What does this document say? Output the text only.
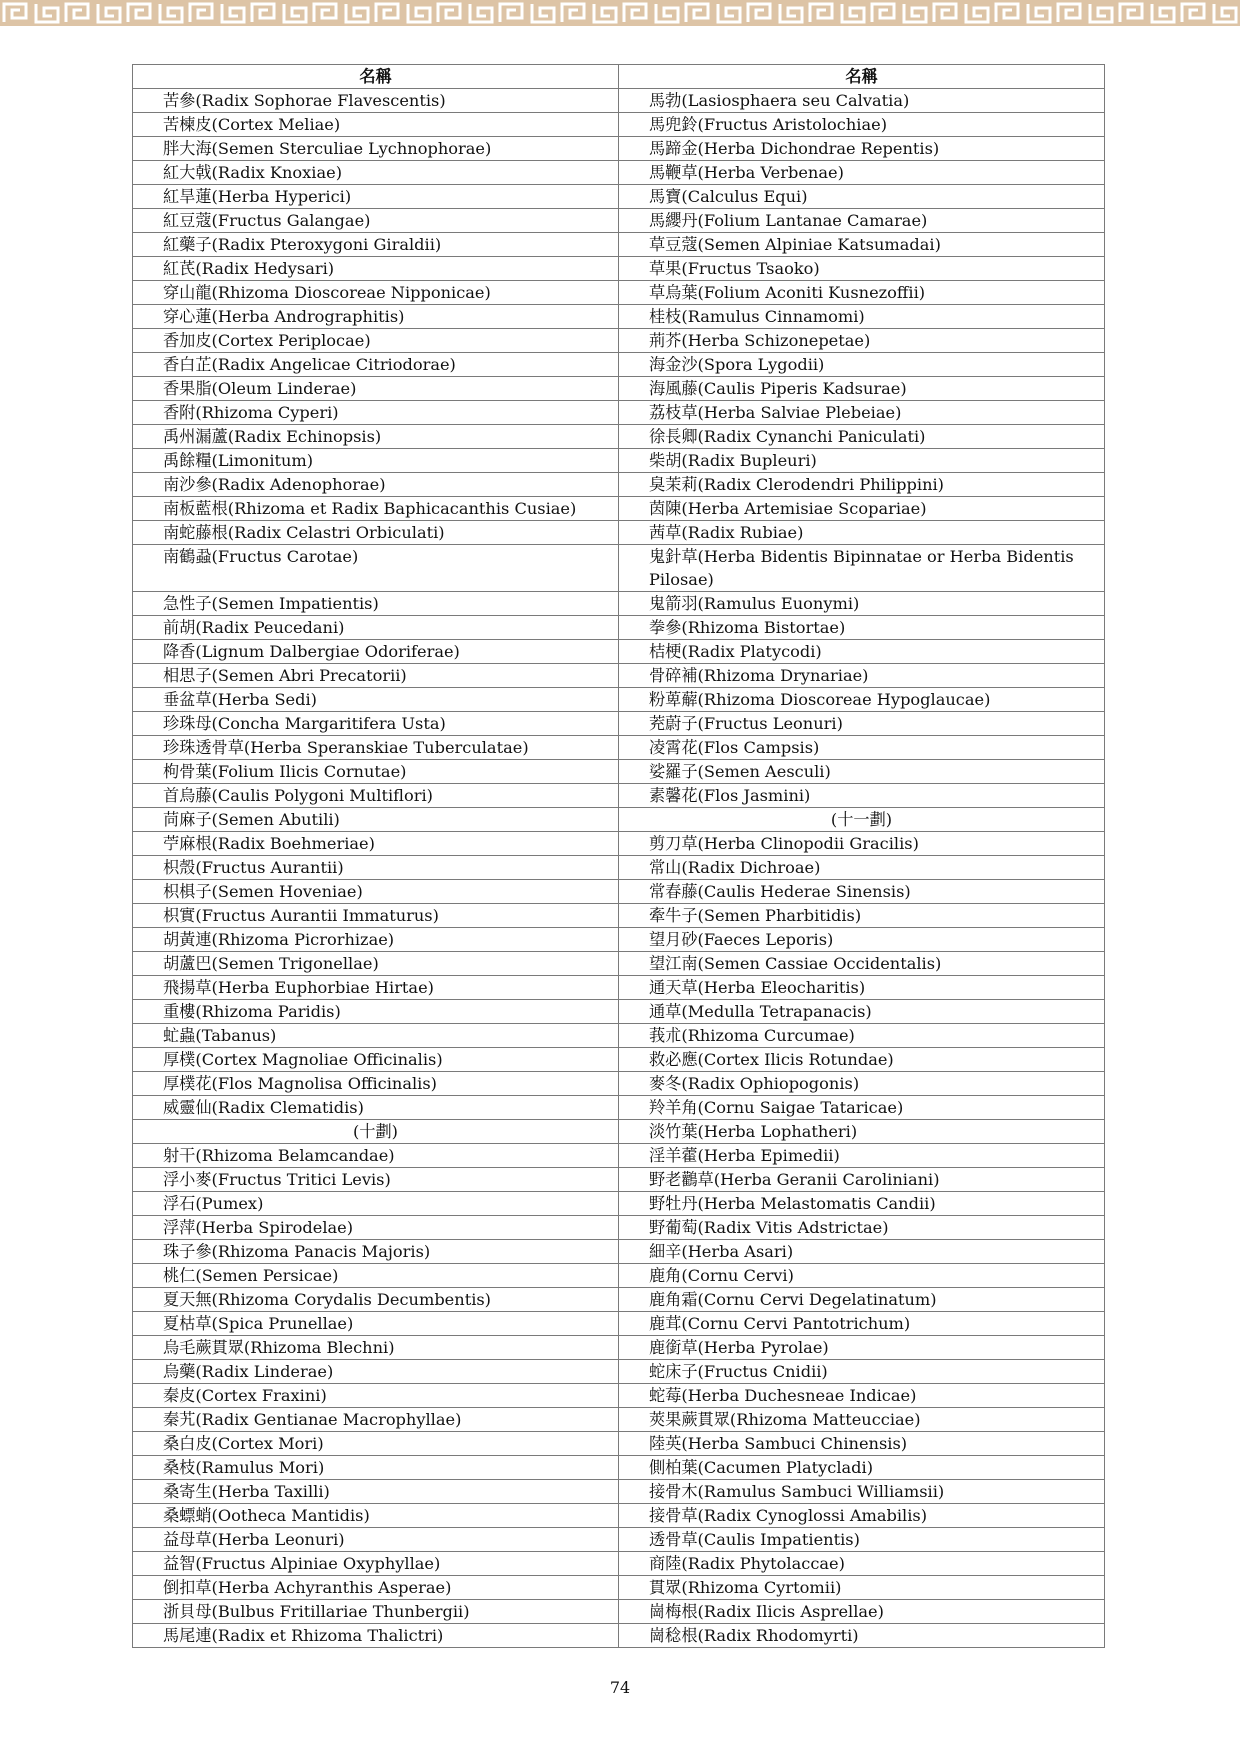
名稱	名稱
苦參(Radix Sophorae Flavescentis)	馬勃(Lasiosphaera seu Calvatia)
苦楝皮(Cortex Meliae)	馬兜鈴(Fructus Aristolochiae)
胖大海(Semen Sterculiae Lychnophorae)	馬蹄金(Herba Dichondrae Repentis)
紅大戟(Radix Knoxiae)	馬鞭草(Herba Verbenae)
紅旱蓮(Herba Hyperici)	馬寶(Calculus Equi)
紅豆蔻(Fructus Galangae)	馬纓丹(Folium Lantanae Camarae)
紅藥子(Radix Pteroxygoni Giraldii)	草豆蔻(Semen Alpiniae Katsumadai)
紅芪(Radix Hedysari)	草果(Fructus Tsaoko)
穿山龍(Rhizoma Dioscoreae Nipponicae)	草烏葉(Folium Aconiti Kusnezoffii)
穿心蓮(Herba Andrographitis)	桂枝(Ramulus Cinnamomi)
香加皮(Cortex Periplocae)	荊芥(Herba Schizonepetae)
香白芷(Radix Angelicae Citriodorae)	海金沙(Spora Lygodii)
香果脂(Oleum Linderae)	海風藤(Caulis Piperis Kadsurae)
香附(Rhizoma Cyperi)	荔枝草(Herba Salviae Plebeiae)
禹州漏蘆(Radix Echinopsis)	徐長卿(Radix Cynanchi Paniculati)
禹餘糧(Limonitum)	柴胡(Radix Bupleuri)
南沙參(Radix Adenophorae)	臭茉莉(Radix Clerodendri Philippini)
南板藍根(Rhizoma et Radix Baphicacanthis Cusiae)	茵陳(Herba Artemisiae Scopariae)
南蛇藤根(Radix Celastri Orbiculati)	茜草(Radix Rubiae)
南鶴蝨(Fructus Carotae)	鬼針草(Herba Bidentis Bipinnatae or Herba Bidentis Pilosae)
急性子(Semen Impatientis)	鬼箭羽(Ramulus Euonymi)
前胡(Radix Peucedani)	拳參(Rhizoma Bistortae)
降香(Lignum Dalbergiae Odoriferae)	桔梗(Radix Platycodi)
相思子(Semen Abri Precatorii)	骨碎補(Rhizoma Drynariae)
垂盆草(Herba Sedi)	粉萆薢(Rhizoma Dioscoreae Hypoglaucae)
珍珠母(Concha Margaritifera Usta)	茺蔚子(Fructus Leonuri)
珍珠透骨草(Herba Speranskiae Tuberculatae)	凌霄花(Flos Campsis)
枸骨葉(Folium Ilicis Cornutae)	娑羅子(Semen Aesculi)
首烏藤(Caulis Polygoni Multiflori)	素馨花(Flos Jasmini)
苘麻子(Semen Abutili)	(十一劃)
苧麻根(Radix Boehmeriae)	剪刀草(Herba Clinopodii Gracilis)
枳殼(Fructus Aurantii)	常山(Radix Dichroae)
枳椇子(Semen Hoveniae)	常春藤(Caulis Hederae Sinensis)
枳實(Fructus Aurantii Immaturus)	牽牛子(Semen Pharbitidis)
胡黃連(Rhizoma Picrorhizae)	望月砂(Faeces Leporis)
胡蘆巴(Semen Trigonellae)	望江南(Semen Cassiae Occidentalis)
飛揚草(Herba Euphorbiae Hirtae)	通天草(Herba Eleocharitis)
重樓(Rhizoma Paridis)	通草(Medulla Tetrapanacis)
虻蟲(Tabanus)	莪朮(Rhizoma Curcumae)
厚樸(Cortex Magnoliae Officinalis)	救必應(Cortex Ilicis Rotundae)
厚樸花(Flos Magnolisa Officinalis)	麥冬(Radix Ophiopogonis)
威靈仙(Radix Clematidis)	羚羊角(Cornu Saigae Tataricae)
(十劃)	淡竹葉(Herba Lophatheri)
射干(Rhizoma Belamcandae)	淫羊藿(Herba Epimedii)
浮小麥(Fructus Tritici Levis)	野老鸛草(Herba Geranii Caroliniani)
浮石(Pumex)	野牡丹(Herba Melastomatis Candii)
浮萍(Herba Spirodelae)	野葡萄(Radix Vitis Adstrictae)
珠子參(Rhizoma Panacis Majoris)	細辛(Herba Asari)
桃仁(Semen Persicae)	鹿角(Cornu Cervi)
夏天無(Rhizoma Corydalis Decumbentis)	鹿角霜(Cornu Cervi Degelatinatum)
夏枯草(Spica Prunellae)	鹿茸(Cornu Cervi Pantotrichum)
烏毛蕨貫眾(Rhizoma Blechni)	鹿銜草(Herba Pyrolae)
烏藥(Radix Linderae)	蛇床子(Fructus Cnidii)
秦皮(Cortex Fraxini)	蛇莓(Herba Duchesneae Indicae)
秦艽(Radix Gentianae Macrophyllae)	莢果蕨貫眾(Rhizoma Matteucciae)
桑白皮(Cortex Mori)	陸英(Herba Sambuci Chinensis)
桑枝(Ramulus Mori)	側柏葉(Cacumen Platycladi)
桑寄生(Herba Taxilli)	接骨木(Ramulus Sambuci Williamsii)
桑螵蛸(Ootheca Mantidis)	接骨草(Radix Cynoglossi Amabilis)
益母草(Herba Leonuri)	透骨草(Caulis Impatientis)
益智(Fructus Alpiniae Oxyphyllae)	商陸(Radix Phytolaccae)
倒扣草(Herba Achyranthis Asperae)	貫眾(Rhizoma Cyrtomii)
浙貝母(Bulbus Fritillariae Thunbergii)	崗梅根(Radix Ilicis Asprellae)
馬尾連(Radix et Rhizoma Thalictri)	崗稔根(Radix Rhodomyrti)
74
